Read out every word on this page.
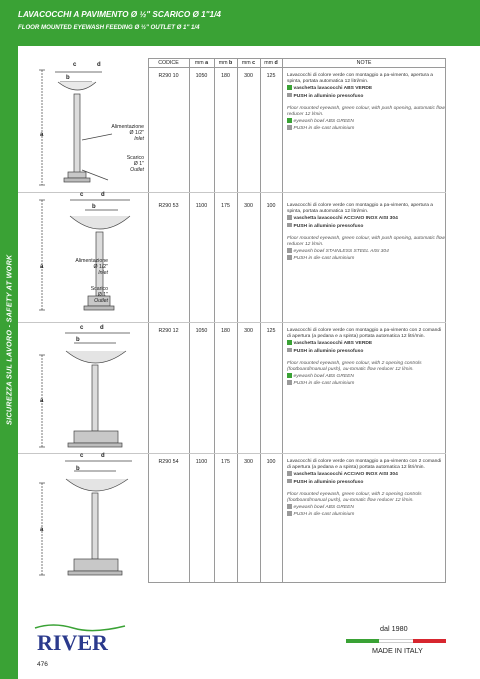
SICUREZZA SUL LAVORO - SAFETY AT WORK
LAVACOCCHI A PAVIMENTO Ø ½" SCARICO Ø 1"1/4
FLOOR MOUNTED EYEWASH FEEDING Ø ½" OUTLET Ø 1" 1/4
CODICE	mm a	mm b	mm c	mm d	NOTE
R290 10	1050	180	300	125	Lavacocchi di colore verde con montaggio a pa-vimento, apertura a spinta, portata automatica 12 litri/min.
vaschetta lavacocchi ABS VERDE
PUSH in alluminio pressofuso
Floor mounted eyewash, green colour, with push opening, automatic flow reducer 12 l/min.
eyewash bowl ABS GREEN
PUSH in die-cast aluminium
R290 53	1100	175	300	100	Lavacocchi di colore verde con montaggio a pa-vimento, apertura a spinta, portata automatica 12 litri/min.
vaschetta lavacocchi ACCIAIO INOX AISI 304
PUSH in alluminio pressofuso
Floor mounted eyewash, green colour, with push opening, automatic flow reducer 12 l/min.
eyewash bowl STAINLESS STEEL AISI 304
PUSH in die-cast aluminium
R290 12	1050	180	300	125	Lavacocchi di colore verde con montaggio a pa-vimento con 2 comandi di apertura (a pedana e a spinta) portata automatica 12 litri/min.
vaschetta lavacocchi ABS VERDE
PUSH in alluminio pressofuso
Floor mounted eyewash, green colour, with 2 opening controls (footboard/manual push), au-tomatic flow reducer 12 l/min.
eyewash bowl ABS GREEN
PUSH in die-cast aluminium
R290 54	1100	175	300	100	Lavacocchi di colore verde con montaggio a pa-vimento con 2 comandi di apertura (a pedana e a spinta) portata automatica 12 litri/min.
vaschetta lavacocchi ACCIAIO INOX AISI 304
PUSH in alluminio pressofuso
Floor mounted eyewash, green colour, with 2 opening controls (footboard/manual push), au-tomatic flow reducer 12 l/min.
eyewash bowl ABS GREEN
PUSH in die-cast aluminium
c	d
b
a
Alimentazione
Ø 1/2"
Inlet
Scarico
Ø 1"
Outlet
c	d
b
a
Alimentazione
Ø 1/2"
Inlet
Scarico
Ø 1"
Outlet
c	d
b
a
c	d
b
a
RIVER
dal 1980
MADE IN ITALY
476
